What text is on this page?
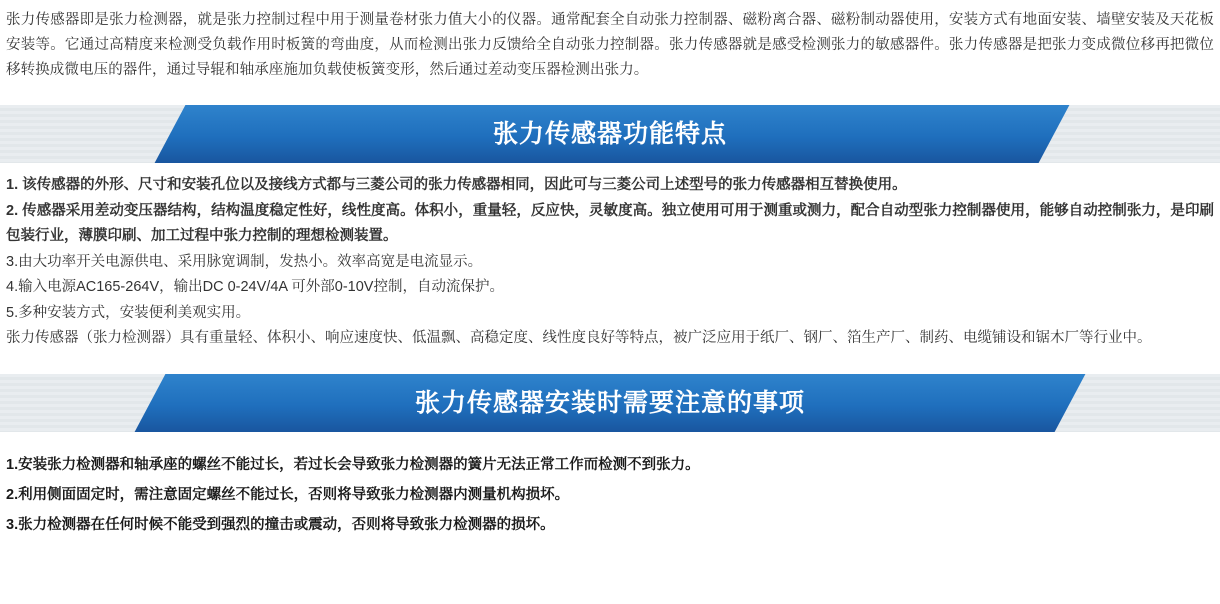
张力传感器即是张力检测器，就是张力控制过程中用于测量卷材张力值大小的仪器。通常配套全自动张力控制器、磁粉离合器、磁粉制动器使用，安装方式有地面安装、墙壁安装及天花板安装等。它通过高精度来检测受负载作用时板簧的弯曲度，从而检测出张力反馈给全自动张力控制器。张力传感器就是感受检测张力的敏感器件。张力传感器是把张力变成微位移再把微位移转换成微电压的器件，通过导辊和轴承座施加负载使板簧变形，然后通过差动变压器检测出张力。
张力传感器功能特点

1. 该传感器的外形、尺寸和安装孔位以及接线方式都与三菱公司的张力传感器相同，因此可与三菱公司上述型号的张力传感器相互替换使用。

2. 传感器采用差动变压器结构，结构温度稳定性好，线性度高。体积小，重量轻，反应快，灵敏度高。独立使用可用于测重或测力，配合自动型张力控制器使用，能够自动控制张力，是印刷包装行业，薄膜印刷、加工过程中张力控制的理想检测装置。

3.由大功率开关电源供电、采用脉宽调制，发热小。效率高宽是电流显示。

4.输入电源AC165-264V，输出DC 0-24V/4A 可外部0-10V控制，自动流保护。

5.多种安装方式，安装便利美观实用。

张力传感器（张力检测器）具有重量轻、体积小、响应速度快、低温飘、高稳定度、线性度良好等特点，被广泛应用于纸厂、钢厂、箔生产厂、制药、电缆铺设和锯木厂等行业中。

张力传感器安装时需要注意的事项

1.安装张力检测器和轴承座的螺丝不能过长，若过长会导致张力检测器的簧片无法正常工作而检测不到张力。

2.利用侧面固定时，需注意固定螺丝不能过长，否则将导致张力检测器内测量机构损坏。

3.张力检测器在任何时候不能受到强烈的撞击或震动，否则将导致张力检测器的损坏。
